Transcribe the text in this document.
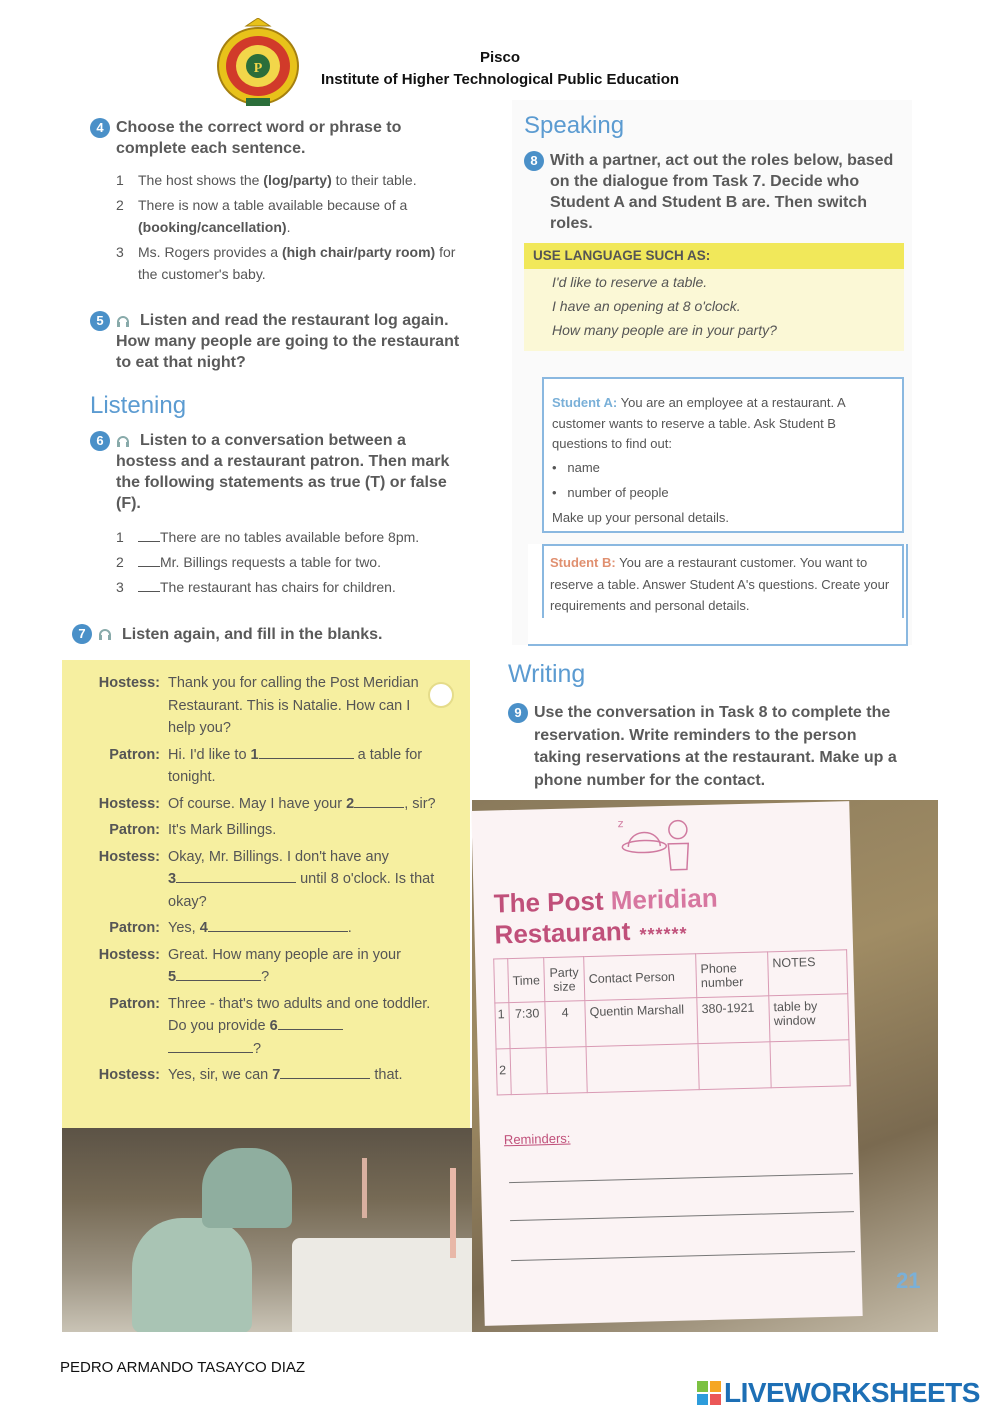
P
Pisco
Institute of Higher Technological Public Education
4 Choose the correct word or phrase to complete each sentence.
1	The host shows the (log/party) to their table.
2	There is now a table available because of a (booking/cancellation).
3	Ms. Rogers provides a (high chair/party room) for the customer's baby.
5	Listen and read the restaurant log again. How many people are going to the restaurant to eat that night?
Listening
6	Listen to a conversation between a hostess and a restaurant patron. Then mark the following statements as true (T) or false (F).
1	There are no tables available before 8pm.
2	Mr. Billings requests a table for two.
3	The restaurant has chairs for children.
7	Listen again, and fill in the blanks.
Hostess: Thank you for calling the Post Meridian Restaurant. This is Natalie. How can I help you?
Patron: Hi. I'd like to 1	a table for tonight.
Hostess: Of course. May I have your 2	, sir?
Patron: It's Mark Billings.
Hostess: Okay, Mr. Billings. I don't have any
3	until 8 o'clock. Is that okay?
Patron: Yes, 4	.
Hostess: Great. How many people are in your
5	?
Patron: Three - that's two adults and one toddler. Do you provide 6
?
Hostess: Yes, sir, we can 7	that.
z
The Post Meridian Restaurant ******
	Time	Party size	Contact Person	Phone number	NOTES
1	7:30	4	Quentin Marshall	380-1921	table by window
2					
Reminders:
21
Speaking
8 With a partner, act out the roles below, based on the dialogue from Task 7. Decide who Student A and Student B are. Then switch roles.
USE LANGUAGE SUCH AS:
I'd like to reserve a table.
I have an opening at 8 o'clock.
How many people are in your party?
Student A: You are an employee at a restaurant. A customer wants to reserve a table. Ask Student B questions to find out:
•   name
•   number of people
Make up your personal details.
Student B: You are a restaurant customer. You want to reserve a table. Answer Student A's questions. Create your requirements and personal details.
Writing
9 Use the conversation in Task 8 to complete the reservation. Write reminders to the person taking reservations at the restaurant. Make up a phone number for the contact.
PEDRO ARMANDO TASAYCO DIAZ
LIVEWORKSHEETS
